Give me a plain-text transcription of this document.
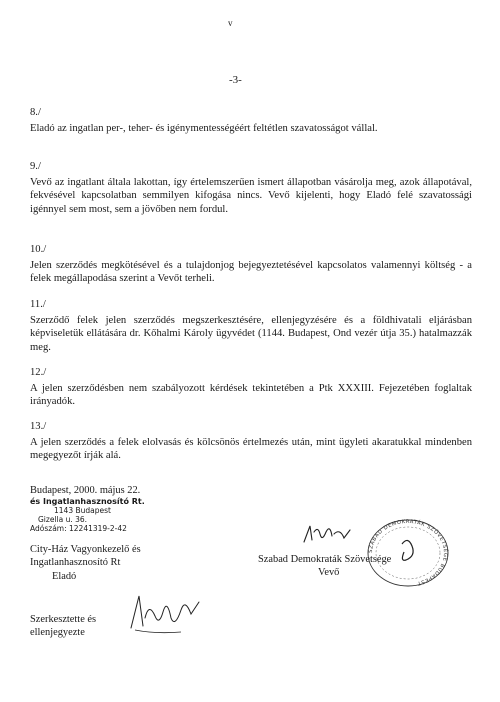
v
-3-
8./
Eladó az ingatlan per-, teher- és igénymentességéért feltétlen szavatosságot vállal.
9./
Vevő az ingatlant általa lakottan, így értelemszerűen ismert állapotban vásárolja meg, azok állapotával, fekvésével kapcsolatban semmilyen kifogása nincs. Vevő kijelenti, hogy Eladó felé szavatossági igénnyel sem most, sem a jövőben nem fordul.
10./
Jelen szerződés megkötésével és a tulajdonjog bejegyeztetésével kapcsolatos valamennyi költség - a felek megállapodása szerint a Vevőt terheli.
11./
Szerződő felek jelen szerződés megszerkesztésére, ellenjegyzésére és a földhivatali eljárásban képviseletük ellátására dr. Kőhalmi Károly ügyvédet (1144. Budapest, Ond vezér útja 35.) hatalmazzák meg.
12./
A jelen szerződésben nem szabályozott kérdések tekintetében a Ptk XXXIII. Fejezetében foglaltak irányadók.
13./
A jelen szerződés a felek elolvasás és kölcsönös értelmezés után, mint ügyleti akaratukkal mindenben megegyezőt írják alá.
Budapest, 2000. május 22.
és Ingatlanhasznosító Rt.
1143 Budapest
Gizella u. 36.
Adószám: 12241319-2-42
City-Ház Vagyonkezelő és
Ingatlanhasznosító Rt
Eladó
Szabad Demokraták Szövetsége
Vevő
SZABAD DEMOKRATÁK SZÖVETSÉGE BUDAPEST
Szerkesztette és
ellenjegyezte
